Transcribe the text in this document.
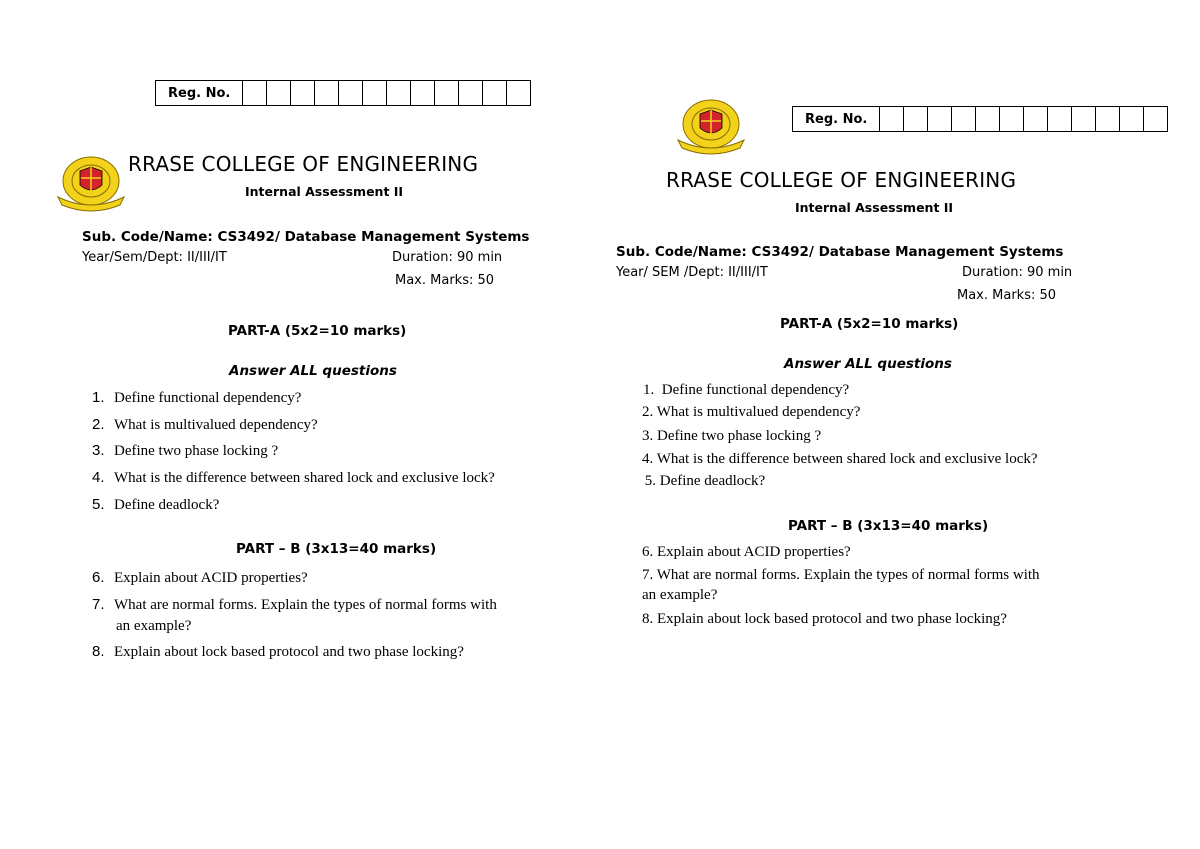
Reg. No.
RRASE COLLEGE OF ENGINEERING
Internal Assessment II
Sub. Code/Name: CS3492/ Database Management Systems
Year/Sem/Dept: II/III/IT	Duration: 90 min
Max. Marks: 50
PART-A (5x2=10 marks)
Answer ALL questions
1. Define functional dependency?
2. What is multivalued dependency?
3. Define two phase locking ?
4. What is the difference between shared lock and exclusive lock?
5. Define deadlock?
PART – B (3x13=40 marks)
6. Explain about ACID properties?
7. What are normal forms. Explain the types of normal forms with
an example?
8. Explain about lock based protocol and two phase locking?
Reg. No.
RRASE COLLEGE OF ENGINEERING
Internal Assessment II
Sub. Code/Name: CS3492/ Database Management Systems
Year/ SEM /Dept: II/III/IT	Duration: 90 min
Max. Marks: 50
PART-A (5x2=10 marks)
Answer ALL questions
1.  Define functional dependency?
2. What is multivalued dependency?
3. Define two phase locking ?
4. What is the difference between shared lock and exclusive lock?
5. Define deadlock?
PART – B (3x13=40 marks)
6. Explain about ACID properties?
7. What are normal forms. Explain the types of normal forms with
an example?
8. Explain about lock based protocol and two phase locking?
